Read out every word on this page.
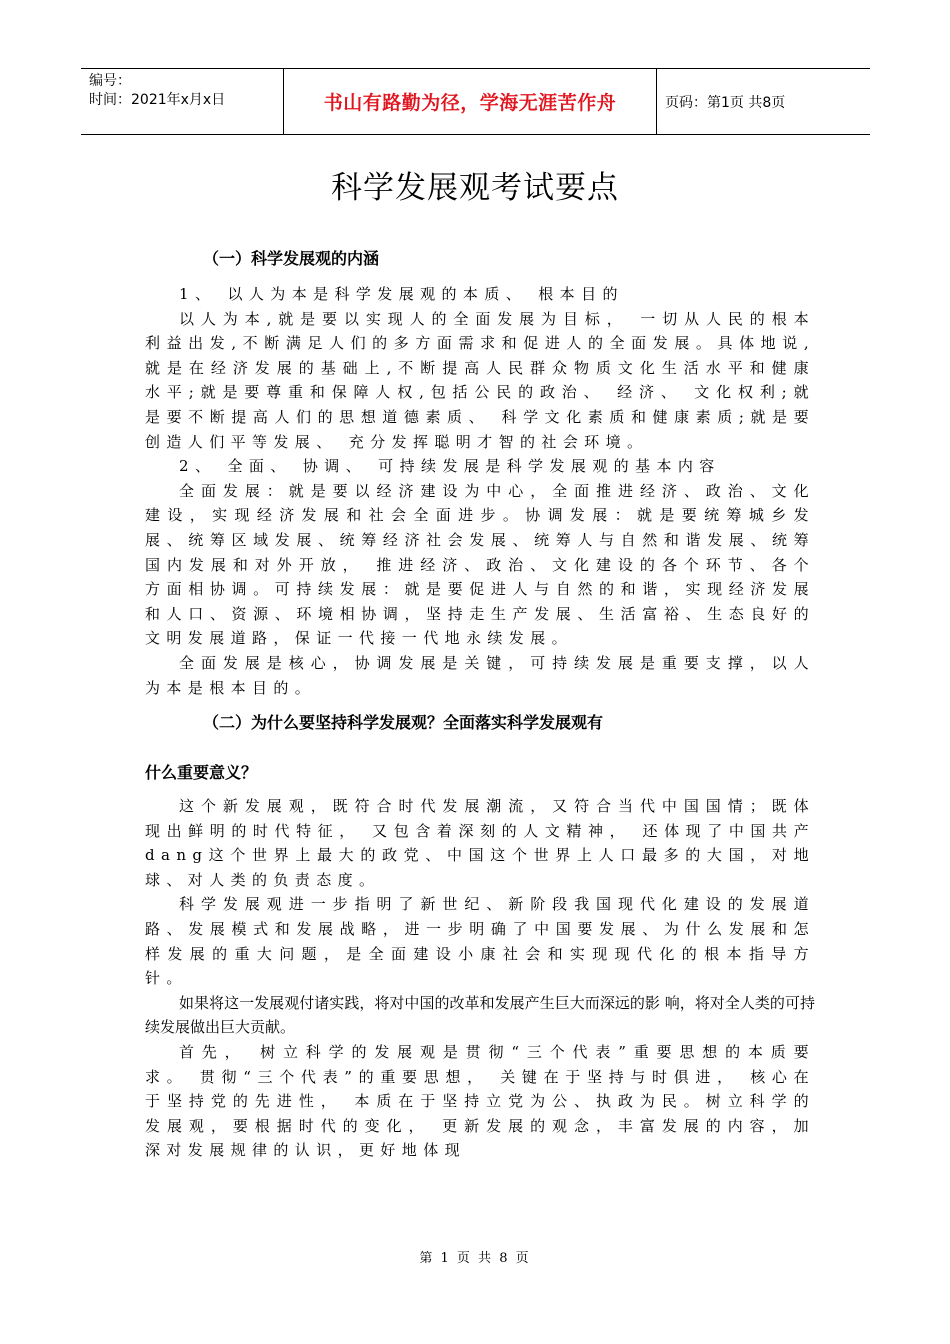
编号：
时间：2021年x月x日	书山有路勤为径，学海无涯苦作舟	页码：第1页 共8页
科学发展观考试要点
（一）科学发展观的内涵
1、 以人为本是科学发展观的本质、 根本目的
以人为本,就是要以实现人的全面发展为目标， 一切从人民的根本利益出发,不断满足人们的多方面需求和促进人的全面发展。具体地说,就是在经济发展的基础上,不断提高人民群众物质文化生活水平和健康水平;就是要尊重和保障人权,包括公民的政治、 经济、 文化权利;就是要不断提高人们的思想道德素质、 科学文化素质和健康素质;就是要创造人们平等发展、 充分发挥聪明才智的社会环境。
2、 全面、 协调、 可持续发展是科学发展观的基本内容
全面发展：就是要以经济建设为中心，全面推进经济、政治、文化建设，实现经济发展和社会全面进步。协调发展：就是要统筹城乡发展、统筹区域发展、统筹经济社会发展、统筹人与自然和谐发展、统筹国内发展和对外开放， 推进经济、政治、文化建设的各个环节、各个方面相协调。可持续发展：就是要促进人与自然的和谐，实现经济发展和人口、资源、环境相协调，坚持走生产发展、生活富裕、生态良好的文明发展道路，保证一代接一代地永续发展。
全面发展是核心，协调发展是关键，可持续发展是重要支撑，以人为本是根本目的。
（二）为什么要坚持科学发展观？全面落实科学发展观有
什么重要意义？
这个新发展观，既符合时代发展潮流，又符合当代中国国情；既体现出鲜明的时代特征， 又包含着深刻的人文精神， 还体现了中国共产dang这个世界上最大的政党、中国这个世界上人口最多的大国，对地球、对人类的负责态度。
科学发展观进一步指明了新世纪、新阶段我国现代化建设的发展道路、发展模式和发展战略，进一步明确了中国要发展、为什么发展和怎样发展的重大问题，是全面建设小康社会和实现现代化的根本指导方针。
如果将这一发展观付诸实践，将对中国的改革和发展产生巨大而深远的影 响，将对全人类的可持续发展做出巨大贡献。
首先， 树立科学的发展观是贯彻“三个代表”重要思想的本质要求。 贯彻“三个代表”的重要思想， 关键在于坚持与时俱进， 核心在于坚持党的先进性， 本质在于坚持立党为公、执政为民。树立科学的发展观，要根据时代的变化， 更新发展的观念，丰富发展的内容，加深对发展规律的认识，更好地体现
第 1 页 共 8 页
